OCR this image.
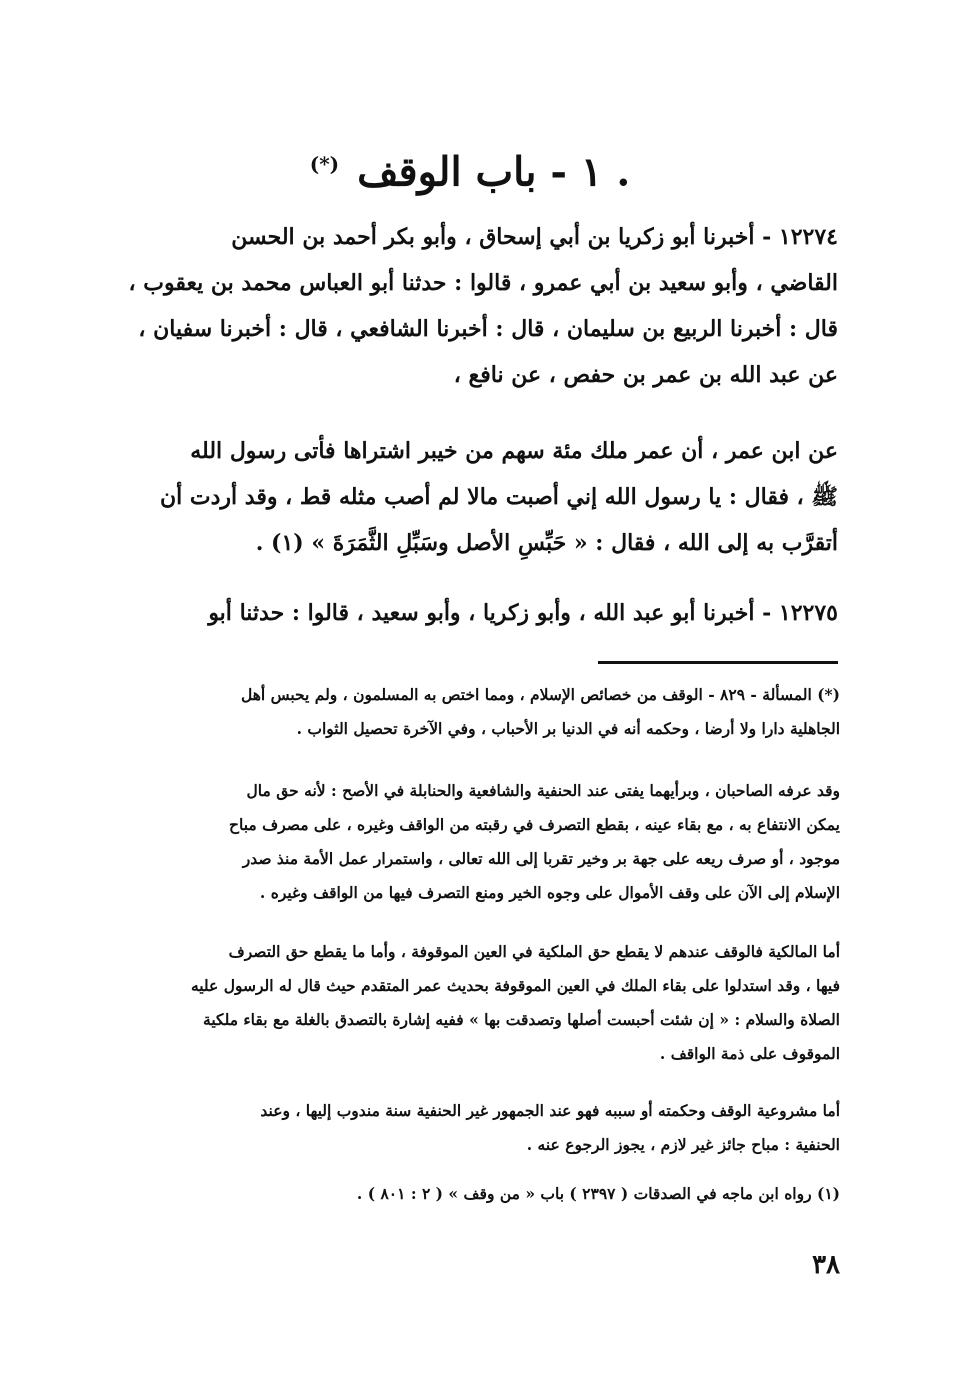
. ١ - باب الوقف (*)
١٢٢٧٤ - أخبرنا أبو زكريا بن أبي إسحاق ، وأبو بكر أحمد بن الحسن
القاضي ، وأبو سعيد بن أبي عمرو ، قالوا : حدثنا أبو العباس محمد بن يعقوب ،
قال : أخبرنا الربيع بن سليمان ، قال : أخبرنا الشافعي ، قال : أخبرنا سفيان ،
عن عبد الله بن عمر بن حفص ، عن نافع ،
عن ابن عمر ، أن عمر ملك مئة سهم من خيبر اشتراها فأتى رسول الله
ﷺ ، فقال : يا رسول الله إني أصبت مالا لم أصب مثله قط ، وقد أردت أن
أتقرَّب به إلى الله ، فقال : « حَبِّسِ الأصل وسَبِّلِ الثَّمَرَةَ » (١) .
١٢٢٧٥ - أخبرنا أبو عبد الله ، وأبو زكريا ، وأبو سعيد ، قالوا : حدثنا أبو
(*) المسألة - ٨٢٩ - الوقف من خصائص الإسلام ، ومما اختص به المسلمون ، ولم يحبس أهل
الجاهلية دارا ولا أرضا ، وحكمه أنه في الدنيا بر الأحباب ، وفي الآخرة تحصيل الثواب .
وقد عرفه الصاحبان ، وبرأيهما يفتى عند الحنفية والشافعية والحنابلة في الأصح : لأنه حق مال
يمكن الانتفاع به ، مع بقاء عينه ، بقطع التصرف في رقبته من الواقف وغيره ، على مصرف مباح
موجود ، أو صرف ريعه على جهة بر وخير تقربا إلى الله تعالى ، واستمرار عمل الأمة منذ صدر
الإسلام إلى الآن على وقف الأموال على وجوه الخير ومنع التصرف فيها من الواقف وغيره .
أما المالكية فالوقف عندهم لا يقطع حق الملكية في العين الموقوفة ، وأما ما يقطع حق التصرف
فيها ، وقد استدلوا على بقاء الملك في العين الموقوفة بحديث عمر المتقدم حيث قال له الرسول عليه
الصلاة والسلام : « إن شئت أحبست أصلها وتصدقت بها » ففيه إشارة بالتصدق بالغلة مع بقاء ملكية
الموقوف على ذمة الواقف .
أما مشروعية الوقف وحكمته أو سببه فهو عند الجمهور غير الحنفية سنة مندوب إليها ، وعند
الحنفية : مباح جائز غير لازم ، يجوز الرجوع عنه .
(١) رواه ابن ماجه في الصدقات ( ٢٣٩٧ ) باب « من وقف » ( ٢ : ٨٠١ ) .
٣٨
